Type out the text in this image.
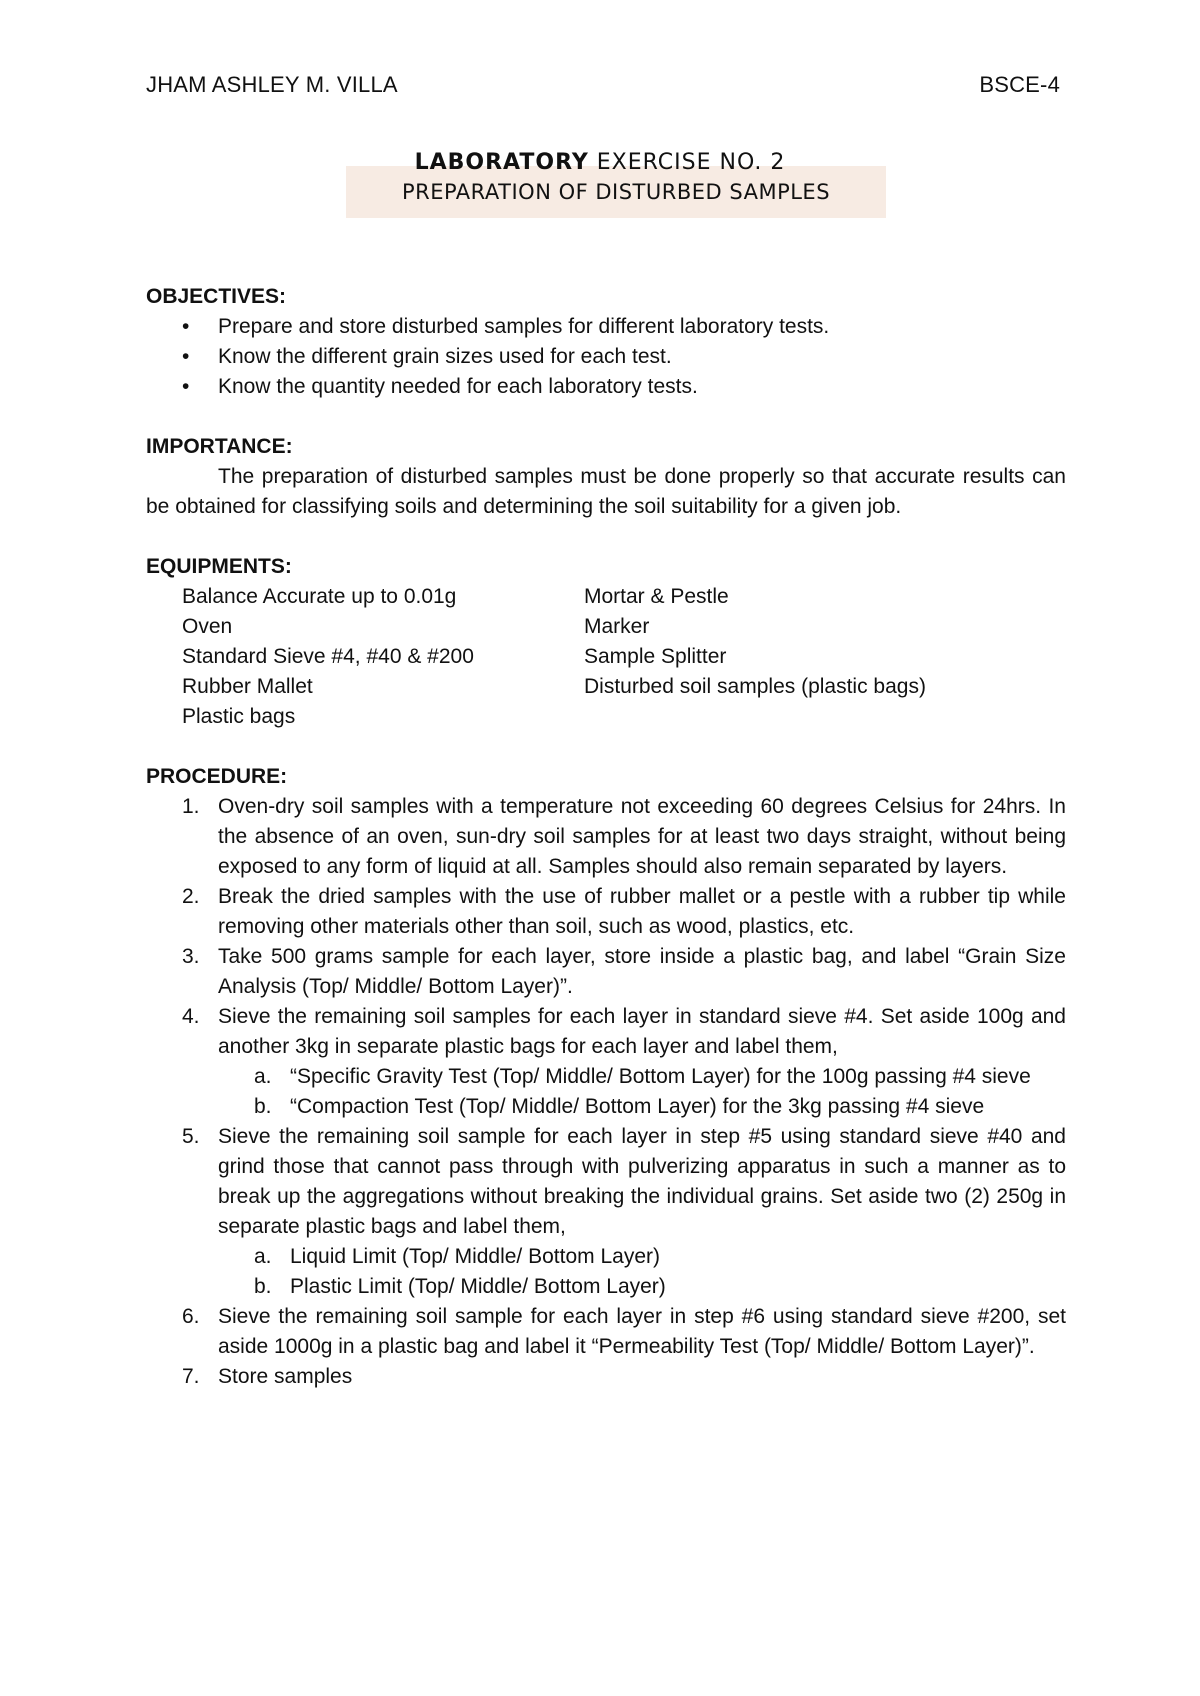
JHAM ASHLEY M. VILLA	BSCE-4
LABORATORY EXERCISE NO. 2
PREPARATION OF DISTURBED SAMPLES
OBJECTIVES:
• Prepare and store disturbed samples for different laboratory tests.
• Know the different grain sizes used for each test.
• Know the quantity needed for each laboratory tests.
IMPORTANCE:
The preparation of disturbed samples must be done properly so that accurate results can be obtained for classifying soils and determining the soil suitability for a given job.
EQUIPMENTS:
Balance Accurate up to 0.01g	Mortar & Pestle
Oven	Marker
Standard Sieve #4, #40 & #200	Sample Splitter
Rubber Mallet	Disturbed soil samples (plastic bags)
Plastic bags
PROCEDURE:
1. Oven-dry soil samples with a temperature not exceeding 60 degrees Celsius for 24hrs. In the absence of an oven, sun-dry soil samples for at least two days straight, without being exposed to any form of liquid at all. Samples should also remain separated by layers.
2. Break the dried samples with the use of rubber mallet or a pestle with a rubber tip while removing other materials other than soil, such as wood, plastics, etc.
3. Take 500 grams sample for each layer, store inside a plastic bag, and label “Grain Size Analysis (Top/ Middle/ Bottom Layer)”.
4. Sieve the remaining soil samples for each layer in standard sieve #4. Set aside 100g and another 3kg in separate plastic bags for each layer and label them,
a. “Specific Gravity Test (Top/ Middle/ Bottom Layer) for the 100g passing #4 sieve
b. “Compaction Test (Top/ Middle/ Bottom Layer) for the 3kg passing #4 sieve
5. Sieve the remaining soil sample for each layer in step #5 using standard sieve #40 and grind those that cannot pass through with pulverizing apparatus in such a manner as to break up the aggregations without breaking the individual grains. Set aside two (2) 250g in separate plastic bags and label them,
a. Liquid Limit (Top/ Middle/ Bottom Layer)
b. Plastic Limit (Top/ Middle/ Bottom Layer)
6. Sieve the remaining soil sample for each layer in step #6 using standard sieve #200, set aside 1000g in a plastic bag and label it “Permeability Test (Top/ Middle/ Bottom Layer)”.
7. Store samples
